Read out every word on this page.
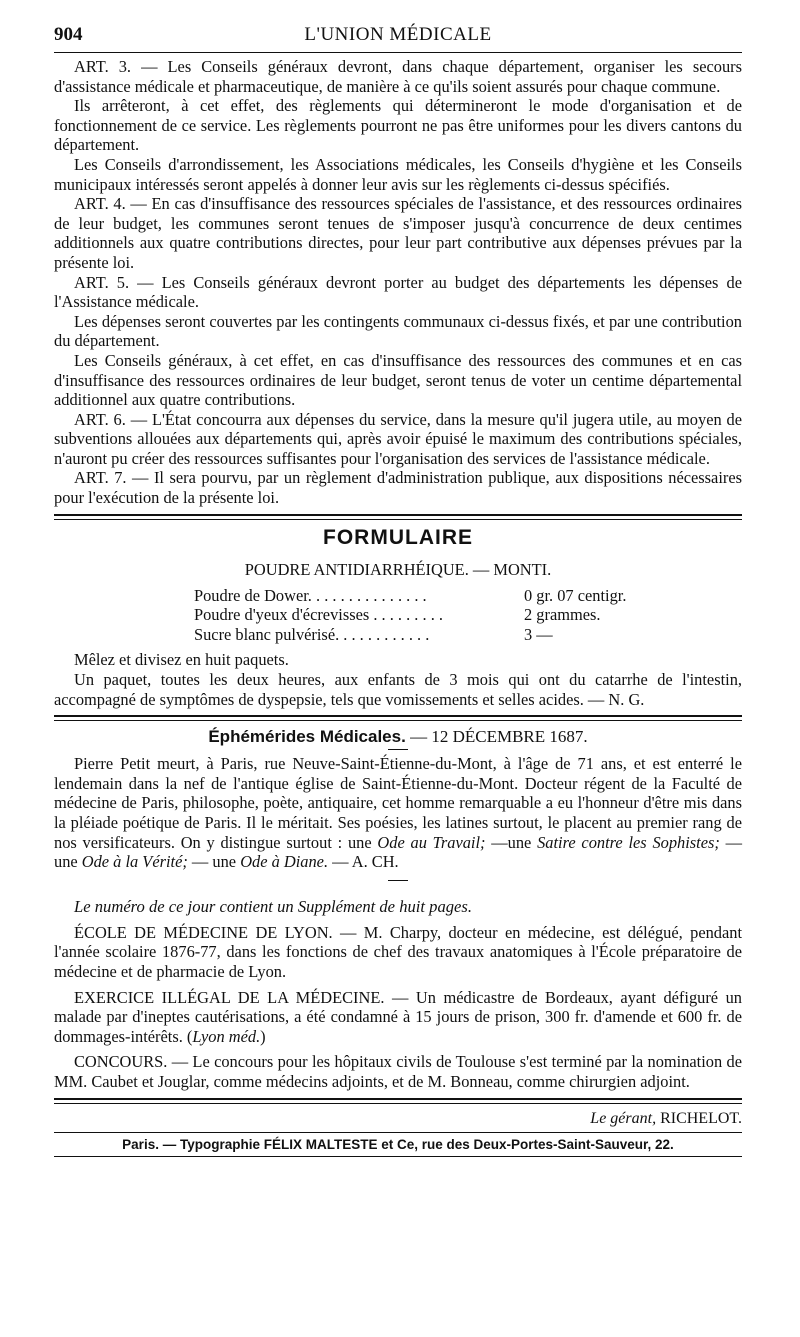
904	L'UNION MÉDICALE

ART. 3. — Les Conseils généraux devront, dans chaque département, organiser les secours d'assistance médicale et pharmaceutique, de manière à ce qu'ils soient assurés pour chaque commune.

Ils arrêteront, à cet effet, des règlements qui détermineront le mode d'organisation et de fonctionnement de ce service. Les règlements pourront ne pas être uniformes pour les divers cantons du département.

Les Conseils d'arrondissement, les Associations médicales, les Conseils d'hygiène et les Conseils municipaux intéressés seront appelés à donner leur avis sur les règlements ci-dessus spécifiés.

ART. 4. — En cas d'insuffisance des ressources spéciales de l'assistance, et des ressources ordinaires de leur budget, les communes seront tenues de s'imposer jusqu'à concurrence de deux centimes additionnels aux quatre contributions directes, pour leur part contributive aux dépenses prévues par la présente loi.

ART. 5. — Les Conseils généraux devront porter au budget des départements les dépenses de l'Assistance médicale.

Les dépenses seront couvertes par les contingents communaux ci-dessus fixés, et par une contribution du département.

Les Conseils généraux, à cet effet, en cas d'insuffisance des ressources des communes et en cas d'insuffisance des ressources ordinaires de leur budget, seront tenus de voter un centime départemental additionnel aux quatre contributions.

ART. 6. — L'État concourra aux dépenses du service, dans la mesure qu'il jugera utile, au moyen de subventions allouées aux départements qui, après avoir épuisé le maximum des contributions spéciales, n'auront pu créer des ressources suffisantes pour l'organisation des services de l'assistance médicale.

ART. 7. — Il sera pourvu, par un règlement d'administration publique, aux dispositions nécessaires pour l'exécution de la présente loi.

FORMULAIRE
POUDRE ANTIDIARRHÉIQUE. — MONTI.
Poudre de Dower. . . . . . . . . . . . . . .	0 gr. 07 centigr.
Poudre d'yeux d'écrevisses . . . . . . . . .	2 grammes.
Sucre blanc pulvérisé. . . . . . . . . . . .	3 —

Mêlez et divisez en huit paquets.

Un paquet, toutes les deux heures, aux enfants de 3 mois qui ont du catarrhe de l'intestin, accompagné de symptômes de dyspepsie, tels que vomissements et selles acides. — N. G.

Éphémérides Médicales. — 12 DÉCEMBRE 1687.

Pierre Petit meurt, à Paris, rue Neuve-Saint-Étienne-du-Mont, à l'âge de 71 ans, et est enterré le lendemain dans la nef de l'antique église de Saint-Étienne-du-Mont. Docteur régent de la Faculté de médecine de Paris, philosophe, poète, antiquaire, cet homme remarquable a eu l'honneur d'être mis dans la pléiade poétique de Paris. Il le méritait. Ses poésies, les latines surtout, le placent au premier rang de nos versificateurs. On y distingue surtout : une Ode au Travail; —une Satire contre les Sophistes; — une Ode à la Vérité; — une Ode à Diane. — A. CH.

Le numéro de ce jour contient un Supplément de huit pages.

ÉCOLE DE MÉDECINE DE LYON. — M. Charpy, docteur en médecine, est délégué, pendant l'année scolaire 1876-77, dans les fonctions de chef des travaux anatomiques à l'École préparatoire de médecine et de pharmacie de Lyon.

EXERCICE ILLÉGAL DE LA MÉDECINE. — Un médicastre de Bordeaux, ayant défiguré un malade par d'ineptes cautérisations, a été condamné à 15 jours de prison, 300 fr. d'amende et 600 fr. de dommages-intérêts. (Lyon méd.)

CONCOURS. — Le concours pour les hôpitaux civils de Toulouse s'est terminé par la nomination de MM. Caubet et Jouglar, comme médecins adjoints, et de M. Bonneau, comme chirurgien adjoint.

Le gérant, RICHELOT.
Paris. — Typographie FÉLIX MALTESTE et Ce, rue des Deux-Portes-Saint-Sauveur, 22.
